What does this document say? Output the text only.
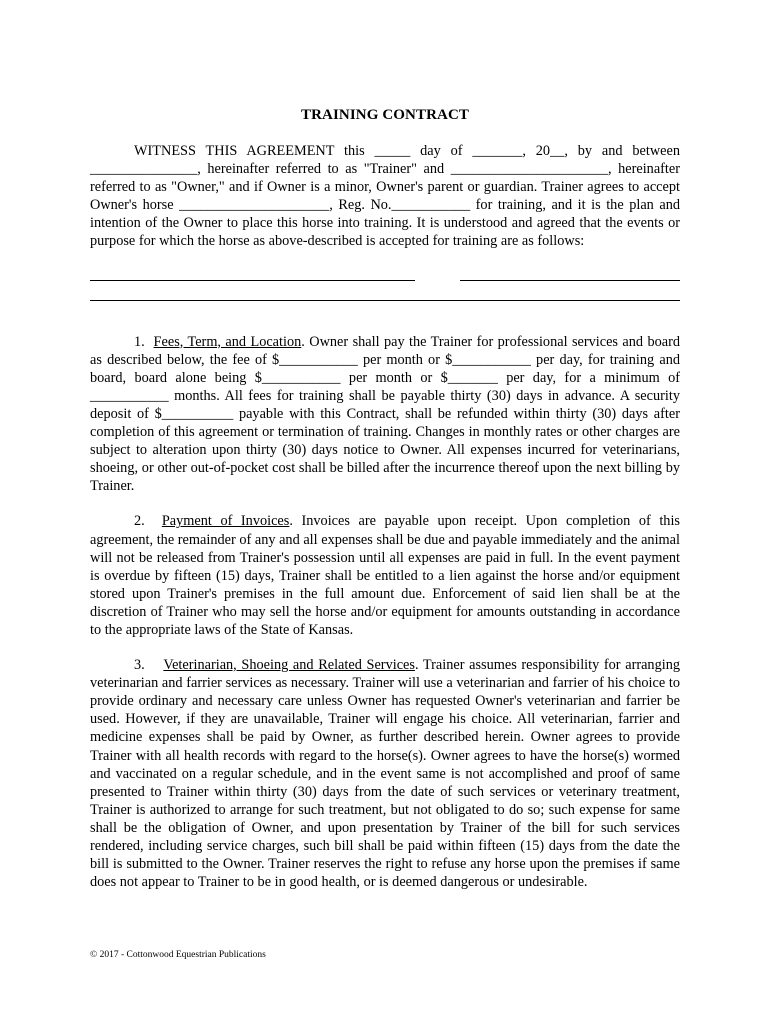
TRAINING CONTRACT

WITNESS THIS AGREEMENT this _____ day of _______, 20__, by and between _______________, hereinafter referred to as "Trainer" and ______________________, hereinafter referred to as "Owner," and if Owner is a minor, Owner's parent or guardian. Trainer agrees to accept Owner's horse _____________________, Reg. No.___________ for training, and it is the plan and intention of the Owner to place this horse into training. It is understood and agreed that the events or purpose for which the horse as above-described is accepted for training are as follows:

1. Fees, Term, and Location. Owner shall pay the Trainer for professional services and board as described below, the fee of $___________ per month or $___________ per day, for training and board, board alone being $___________ per month or $_______ per day, for a minimum of ___________ months. All fees for training shall be payable thirty (30) days in advance. A security deposit of $__________ payable with this Contract, shall be refunded within thirty (30) days after completion of this agreement or termination of training. Changes in monthly rates or other charges are subject to alteration upon thirty (30) days notice to Owner. All expenses incurred for veterinarians, shoeing, or other out-of-pocket cost shall be billed after the incurrence thereof upon the next billing by Trainer.

2. Payment of Invoices. Invoices are payable upon receipt. Upon completion of this agreement, the remainder of any and all expenses shall be due and payable immediately and the animal will not be released from Trainer's possession until all expenses are paid in full. In the event payment is overdue by fifteen (15) days, Trainer shall be entitled to a lien against the horse and/or equipment stored upon Trainer's premises in the full amount due. Enforcement of said lien shall be at the discretion of Trainer who may sell the horse and/or equipment for amounts outstanding in accordance to the appropriate laws of the State of Kansas.

3. Veterinarian, Shoeing and Related Services. Trainer assumes responsibility for arranging veterinarian and farrier services as necessary. Trainer will use a veterinarian and farrier of his choice to provide ordinary and necessary care unless Owner has requested Owner's veterinarian and farrier be used. However, if they are unavailable, Trainer will engage his choice. All veterinarian, farrier and medicine expenses shall be paid by Owner, as further described herein. Owner agrees to provide Trainer with all health records with regard to the horse(s). Owner agrees to have the horse(s) wormed and vaccinated on a regular schedule, and in the event same is not accomplished and proof of same presented to Trainer within thirty (30) days from the date of such services or veterinary treatment, Trainer is authorized to arrange for such treatment, but not obligated to do so; such expense for same shall be the obligation of Owner, and upon presentation by Trainer of the bill for such services rendered, including service charges, such bill shall be paid within fifteen (15) days from the date the bill is submitted to the Owner. Trainer reserves the right to refuse any horse upon the premises if same does not appear to Trainer to be in good health, or is deemed dangerous or undesirable.

© 2017 - Cottonwood Equestrian Publications
